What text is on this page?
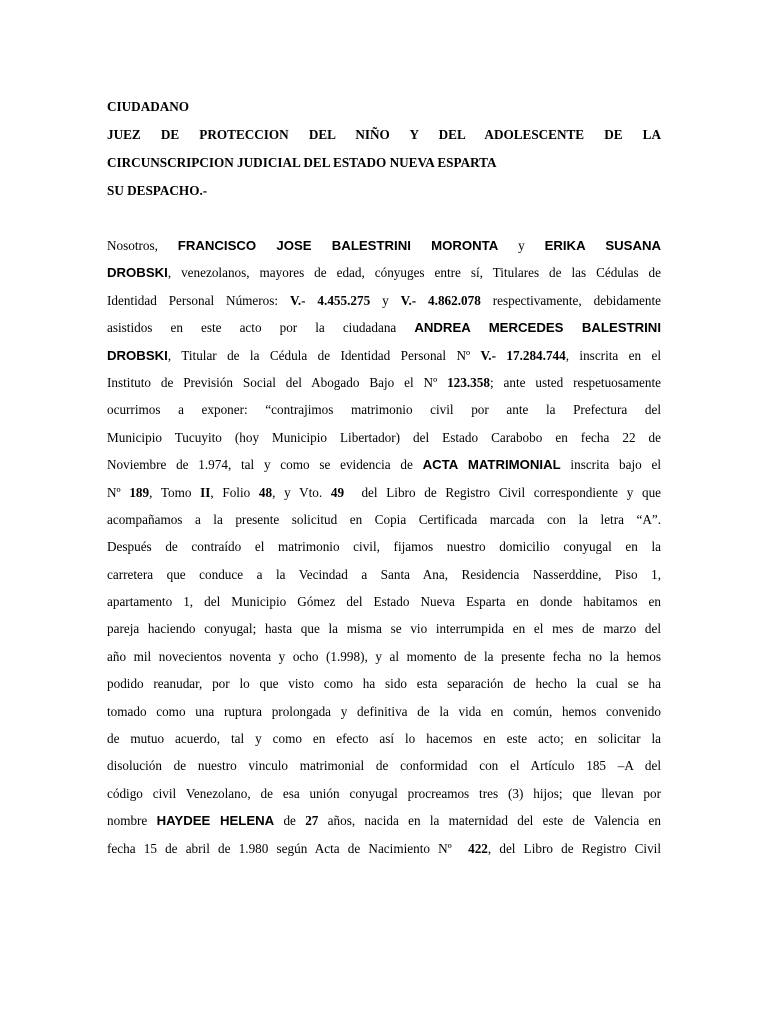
CIUDADANO
JUEZ DE PROTECCION DEL NIÑO Y DEL ADOLESCENTE DE LA
CIRCUNSCRIPCION JUDICIAL DEL ESTADO NUEVA ESPARTA
SU DESPACHO.-
Nosotros, FRANCISCO JOSE BALESTRINI MORONTA y ERIKA SUSANA
DROBSKI, venezolanos, mayores de edad, cónyuges entre sí, Titulares de las Cédulas de
Identidad Personal Números: V.- 4.455.275 y V.- 4.862.078 respectivamente, debidamente
asistidos en este acto por la ciudadana ANDREA MERCEDES BALESTRINI
DROBSKI, Titular de la Cédula de Identidad Personal Nº V.- 17.284.744, inscrita en el
Instituto de Previsión Social del Abogado Bajo el Nº 123.358; ante usted respetuosamente
ocurrimos a exponer: “contrajimos matrimonio civil por ante la Prefectura del
Municipio Tucuyito (hoy Municipio Libertador) del Estado Carabobo en fecha 22 de
Noviembre de 1.974, tal y como se evidencia de ACTA MATRIMONIAL inscrita bajo el
Nº 189, Tomo II, Folio 48, y Vto. 49  del Libro de Registro Civil correspondiente y que
acompañamos a la presente solicitud en Copia Certificada marcada con la letra “A”.
Después de contraído el matrimonio civil, fijamos nuestro domicilio conyugal en la
carretera que conduce a la Vecindad a Santa Ana, Residencia Nasserddine, Piso 1,
apartamento 1, del Municipio Gómez del Estado Nueva Esparta en donde habitamos en
pareja haciendo conyugal; hasta que la misma se vio interrumpida en el mes de marzo del
año mil novecientos noventa y ocho (1.998), y al momento de la presente fecha no la hemos
podido reanudar, por lo que visto como ha sido esta separación de hecho la cual se ha
tomado como una ruptura prolongada y definitiva de la vida en común, hemos convenido
de mutuo acuerdo, tal y como en efecto así lo hacemos en este acto; en solicitar la
disolución de nuestro vinculo matrimonial de conformidad con el Artículo 185 –A del
código civil Venezolano, de esa unión conyugal procreamos tres (3) hijos; que llevan por
nombre HAYDEE HELENA de 27 años, nacida en la maternidad del este de Valencia en
fecha 15 de abril de 1.980 según Acta de Nacimiento Nº  422, del Libro de Registro Civil
